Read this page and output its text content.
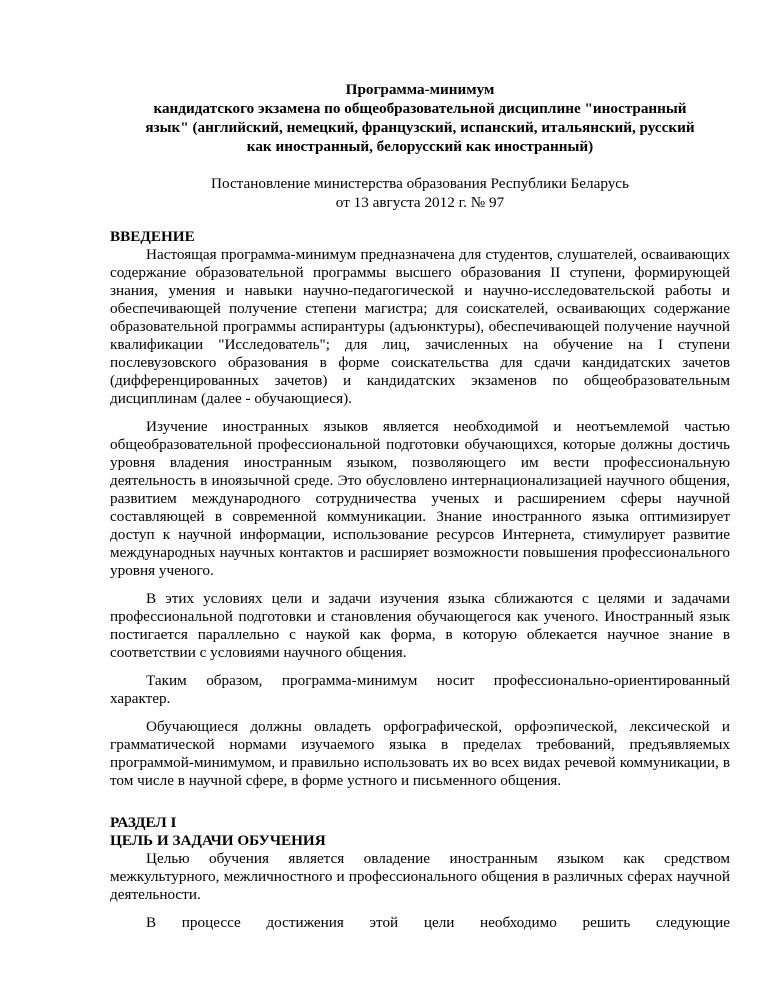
Программа-минимум
кандидатского экзамена по общеобразовательной дисциплине "иностранный
язык" (английский, немецкий, французский, испанский, итальянский, русский
как иностранный, белорусский как иностранный)
Постановление министерства образования Республики Беларусь
от 13 августа 2012 г. № 97
ВВЕДЕНИЕ

Настоящая программа-минимум предназначена для студентов, слушателей, осваивающих содержание образовательной программы высшего образования II ступени, формирующей знания, умения и навыки научно-педагогической и научно-исследовательской работы и обеспечивающей получение степени магистра; для соискателей, осваивающих содержание образовательной программы аспирантуры (адъюнктуры), обеспечивающей получение научной квалификации "Исследователь"; для лиц, зачисленных на обучение на I ступени послевузовского образования в форме соискательства для сдачи кандидатских зачетов (дифференцированных зачетов) и кандидатских экзаменов по общеобразовательным дисциплинам (далее - обучающиеся).

Изучение иностранных языков является необходимой и неотъемлемой частью общеобразовательной профессиональной подготовки обучающихся, которые должны достичь уровня владения иностранным языком, позволяющего им вести профессиональную деятельность в иноязычной среде. Это обусловлено интернационализацией научного общения, развитием международного сотрудничества ученых и расширением сферы научной составляющей в современной коммуникации. Знание иностранного языка оптимизирует доступ к научной информации, использование ресурсов Интернета, стимулирует развитие международных научных контактов и расширяет возможности повышения профессионального уровня ученого.

В этих условиях цели и задачи изучения языка сближаются с целями и задачами профессиональной подготовки и становления обучающегося как ученого. Иностранный язык постигается параллельно с наукой как форма, в которую облекается научное знание в соответствии с условиями научного общения.

Таким образом, программа-минимум носит профессионально-ориентированный характер.

Обучающиеся должны овладеть орфографической, орфоэпической, лексической и грамматической нормами изучаемого языка в пределах требований, предъявляемых программой-минимумом, и правильно использовать их во всех видах речевой коммуникации, в том числе в научной сфере, в форме устного и письменного общения.

РАЗДЕЛ I
ЦЕЛЬ И ЗАДАЧИ ОБУЧЕНИЯ

Целью обучения является овладение иностранным языком как средством межкультурного, межличностного и профессионального общения в различных сферах научной деятельности.

В процессе достижения этой цели необходимо решить следующие
